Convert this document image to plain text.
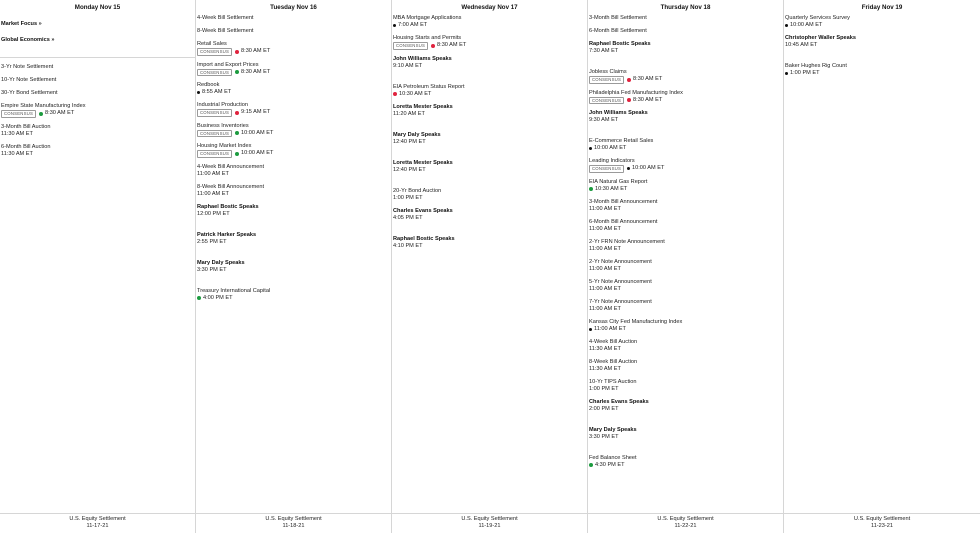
Monday Nov 15
Market Focus »
Global Economics »
3-Yr Note Settlement
10-Yr Note Settlement
30-Yr Bond Settlement
Empire State Manufacturing Index
CONSENSUS	8:30 AM ET
3-Month Bill Auction
11:30 AM ET
6-Month Bill Auction
11:30 AM ET
U.S. Equity Settlement
11-17-21
Tuesday Nov 16
4-Week Bill Settlement
8-Week Bill Settlement
Retail Sales
CONSENSUS	8:30 AM ET
Import and Export Prices
CONSENSUS	8:30 AM ET
Redbook
8:55 AM ET
Industrial Production
CONSENSUS	9:15 AM ET
Business Inventories
CONSENSUS	10:00 AM ET
Housing Market Index
CONSENSUS	10:00 AM ET
4-Week Bill Announcement
11:00 AM ET
8-Week Bill Announcement
11:00 AM ET
Raphael Bostic Speaks
12:00 PM ET
Patrick Harker Speaks
2:55 PM ET
Mary Daly Speaks
3:30 PM ET
Treasury International Capital
4:00 PM ET
U.S. Equity Settlement
11-18-21
Wednesday Nov 17
MBA Mortgage Applications
7:00 AM ET
Housing Starts and Permits
CONSENSUS	8:30 AM ET
John Williams Speaks
9:10 AM ET
EIA Petroleum Status Report
10:30 AM ET
Loretta Mester Speaks
11:20 AM ET
Mary Daly Speaks
12:40 PM ET
Loretta Mester Speaks
12:40 PM ET
20-Yr Bond Auction
1:00 PM ET
Charles Evans Speaks
4:05 PM ET
Raphael Bostic Speaks
4:10 PM ET
U.S. Equity Settlement
11-19-21
Thursday Nov 18
3-Month Bill Settlement
6-Month Bill Settlement
Raphael Bostic Speaks
7:30 AM ET
Jobless Claims
CONSENSUS	8:30 AM ET
Philadelphia Fed Manufacturing Index
CONSENSUS	8:30 AM ET
John Williams Speaks
9:30 AM ET
E-Commerce Retail Sales
10:00 AM ET
Leading Indicators
CONSENSUS	10:00 AM ET
EIA Natural Gas Report
10:30 AM ET
3-Month Bill Announcement
11:00 AM ET
6-Month Bill Announcement
11:00 AM ET
2-Yr FRN Note Announcement
11:00 AM ET
2-Yr Note Announcement
11:00 AM ET
5-Yr Note Announcement
11:00 AM ET
7-Yr Note Announcement
11:00 AM ET
Kansas City Fed Manufacturing Index
11:00 AM ET
4-Week Bill Auction
11:30 AM ET
8-Week Bill Auction
11:30 AM ET
10-Yr TIPS Auction
1:00 PM ET
Charles Evans Speaks
2:00 PM ET
Mary Daly Speaks
3:30 PM ET
Fed Balance Sheet
4:30 PM ET
U.S. Equity Settlement
11-22-21
Friday Nov 19
Quarterly Services Survey
10:00 AM ET
Christopher Waller Speaks
10:45 AM ET
Baker Hughes Rig Count
1:00 PM ET
U.S. Equity Settlement
11-23-21
